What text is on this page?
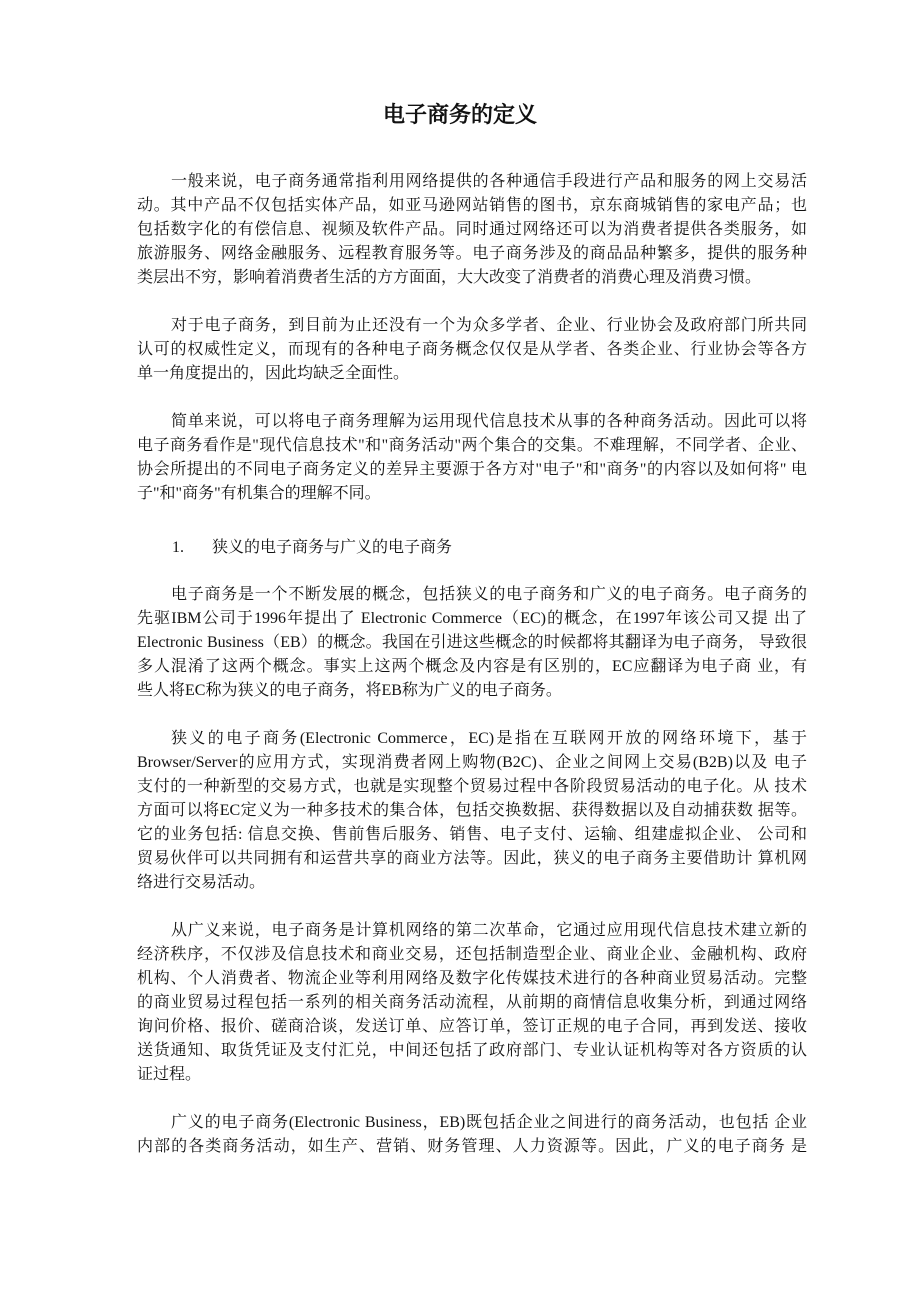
电子商务的定义
一般来说，电子商务通常指利用网络提供的各种通信手段进行产品和服务的网上交易活
动。其中产品不仅包括实体产品，如亚马逊网站销售的图书，京东商城销售的家电产品；也
包括数字化的有偿信息、视频及软件产品。同时通过网络还可以为消费者提供各类服务，如
旅游服务、网络金融服务、远程教育服务等。电子商务涉及的商品品种繁多，提供的服务种
类层出不穷，影响着消费者生活的方方面面，大大改变了消费者的消费心理及消费习惯。
对于电子商务，到目前为止还没有一个为众多学者、企业、行业协会及政府部门所共同
认可的权威性定义，而现有的各种电子商务概念仅仅是从学者、各类企业、行业协会等各方
单一角度提出的，因此均缺乏全面性。
简单来说，可以将电子商务理解为运用现代信息技术从事的各种商务活动。因此可以将
电子商务看作是"现代信息技术"和"商务活动"两个集合的交集。不难理解，不同学者、企业、
协会所提出的不同电子商务定义的差异主要源于各方对"电子"和"商务"的内容以及如何将" 电
子"和"商务"有机集合的理解不同。
1. 狭义的电子商务与广义的电子商务
电子商务是一个不断发展的概念，包括狭义的电子商务和广义的电子商务。电子商务的
先驱IBM公司于1996年提出了 Electronic Commerce（EC)的概念，在1997年该公司又提 出了
Electronic Business（EB）的概念。我国在引进这些概念的时候都将其翻译为电子商务， 导致很
多人混淆了这两个概念。事实上这两个概念及内容是有区别的，EC应翻译为电子商 业，有
些人将EC称为狭义的电子商务，将EB称为广义的电子商务。
狭义的电子商务(Electronic Commerce，EC)是指在互联网开放的网络环境下，基于
Browser/Server的应用方式，实现消费者网上购物(B2C)、企业之间网上交易(B2B)以及 电子
支付的一种新型的交易方式，也就是实现整个贸易过程中各阶段贸易活动的电子化。从 技术
方面可以将EC定义为一种多技术的集合体，包括交换数据、获得数据以及自动捕获数 据等。
它的业务包括: 信息交换、售前售后服务、销售、电子支付、运输、组建虚拟企业、 公司和
贸易伙伴可以共同拥有和运营共享的商业方法等。因此，狭义的电子商务主要借助计 算机网
络进行交易活动。
从广义来说，电子商务是计算机网络的第二次革命，它通过应用现代信息技术建立新的
经济秩序，不仅涉及信息技术和商业交易，还包括制造型企业、商业企业、金融机构、政府
机构、个人消费者、物流企业等利用网络及数字化传媒技术进行的各种商业贸易活动。完整
的商业贸易过程包括一系列的相关商务活动流程，从前期的商情信息收集分析，到通过网络
询问价格、报价、磋商洽谈，发送订单、应答订单，签订正规的电子合同，再到发送、接收
送货通知、取货凭证及支付汇兑，中间还包括了政府部门、专业认证机构等对各方资质的认
证过程。
广义的电子商务(Electronic Business，EB)既包括企业之间进行的商务活动，也包括 企业
内部的各类商务活动，如生产、营销、财务管理、人力资源等。因此，广义的电子商务 是
